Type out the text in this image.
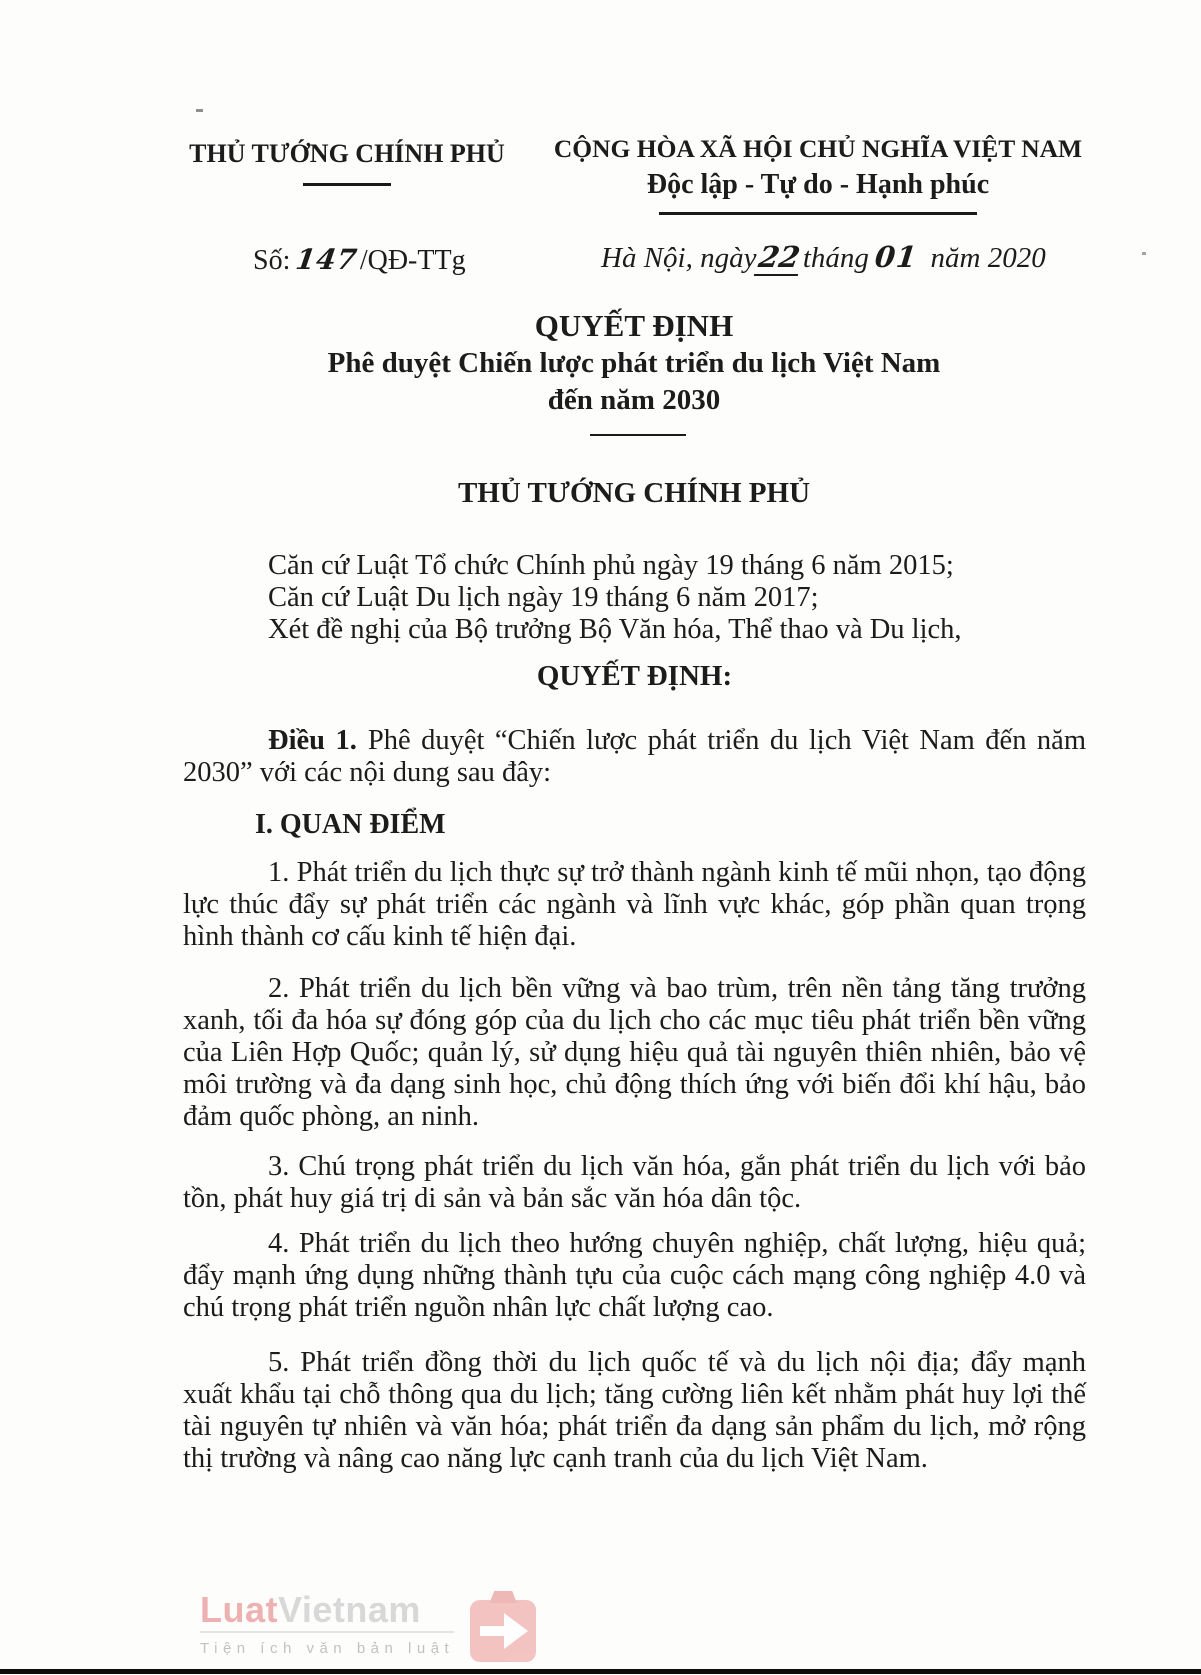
THỦ TƯỚNG CHÍNH PHỦ	CỘNG HÒA XÃ HỘI CHỦ NGHĨA VIỆT NAM
Độc lập - Tự do - Hạnh phúc
Số: 147/QĐ-TTg	Hà Nội, ngày22tháng 01 năm 2020
QUYẾT ĐỊNH
Phê duyệt Chiến lược phát triển du lịch Việt Nam
đến năm 2030
THỦ TƯỚNG CHÍNH PHỦ

Căn cứ Luật Tổ chức Chính phủ ngày 19 tháng 6 năm 2015;

Căn cứ Luật Du lịch ngày 19 tháng 6 năm 2017;

Xét đề nghị của Bộ trưởng Bộ Văn hóa, Thể thao và Du lịch,

QUYẾT ĐỊNH:

Điều 1. Phê duyệt “Chiến lược phát triển du lịch Việt Nam đến năm 2030” với các nội dung sau đây:

I. QUAN ĐIỂM

1. Phát triển du lịch thực sự trở thành ngành kinh tế mũi nhọn, tạo động lực thúc đẩy sự phát triển các ngành và lĩnh vực khác, góp phần quan trọng hình thành cơ cấu kinh tế hiện đại.

2. Phát triển du lịch bền vững và bao trùm, trên nền tảng tăng trưởng xanh, tối đa hóa sự đóng góp của du lịch cho các mục tiêu phát triển bền vững của Liên Hợp Quốc; quản lý, sử dụng hiệu quả tài nguyên thiên nhiên, bảo vệ môi trường và đa dạng sinh học, chủ động thích ứng với biến đổi khí hậu, bảo đảm quốc phòng, an ninh.

3. Chú trọng phát triển du lịch văn hóa, gắn phát triển du lịch với bảo tồn, phát huy giá trị di sản và bản sắc văn hóa dân tộc.

4. Phát triển du lịch theo hướng chuyên nghiệp, chất lượng, hiệu quả; đẩy mạnh ứng dụng những thành tựu của cuộc cách mạng công nghiệp 4.0 và chú trọng phát triển nguồn nhân lực chất lượng cao.

5. Phát triển đồng thời du lịch quốc tế và du lịch nội địa; đẩy mạnh xuất khẩu tại chỗ thông qua du lịch; tăng cường liên kết nhằm phát huy lợi thế tài nguyên tự nhiên và văn hóa; phát triển đa dạng sản phẩm du lịch, mở rộng thị trường và nâng cao năng lực cạnh tranh của du lịch Việt Nam.

LuatVietnam
Tiện ích văn bản luật
